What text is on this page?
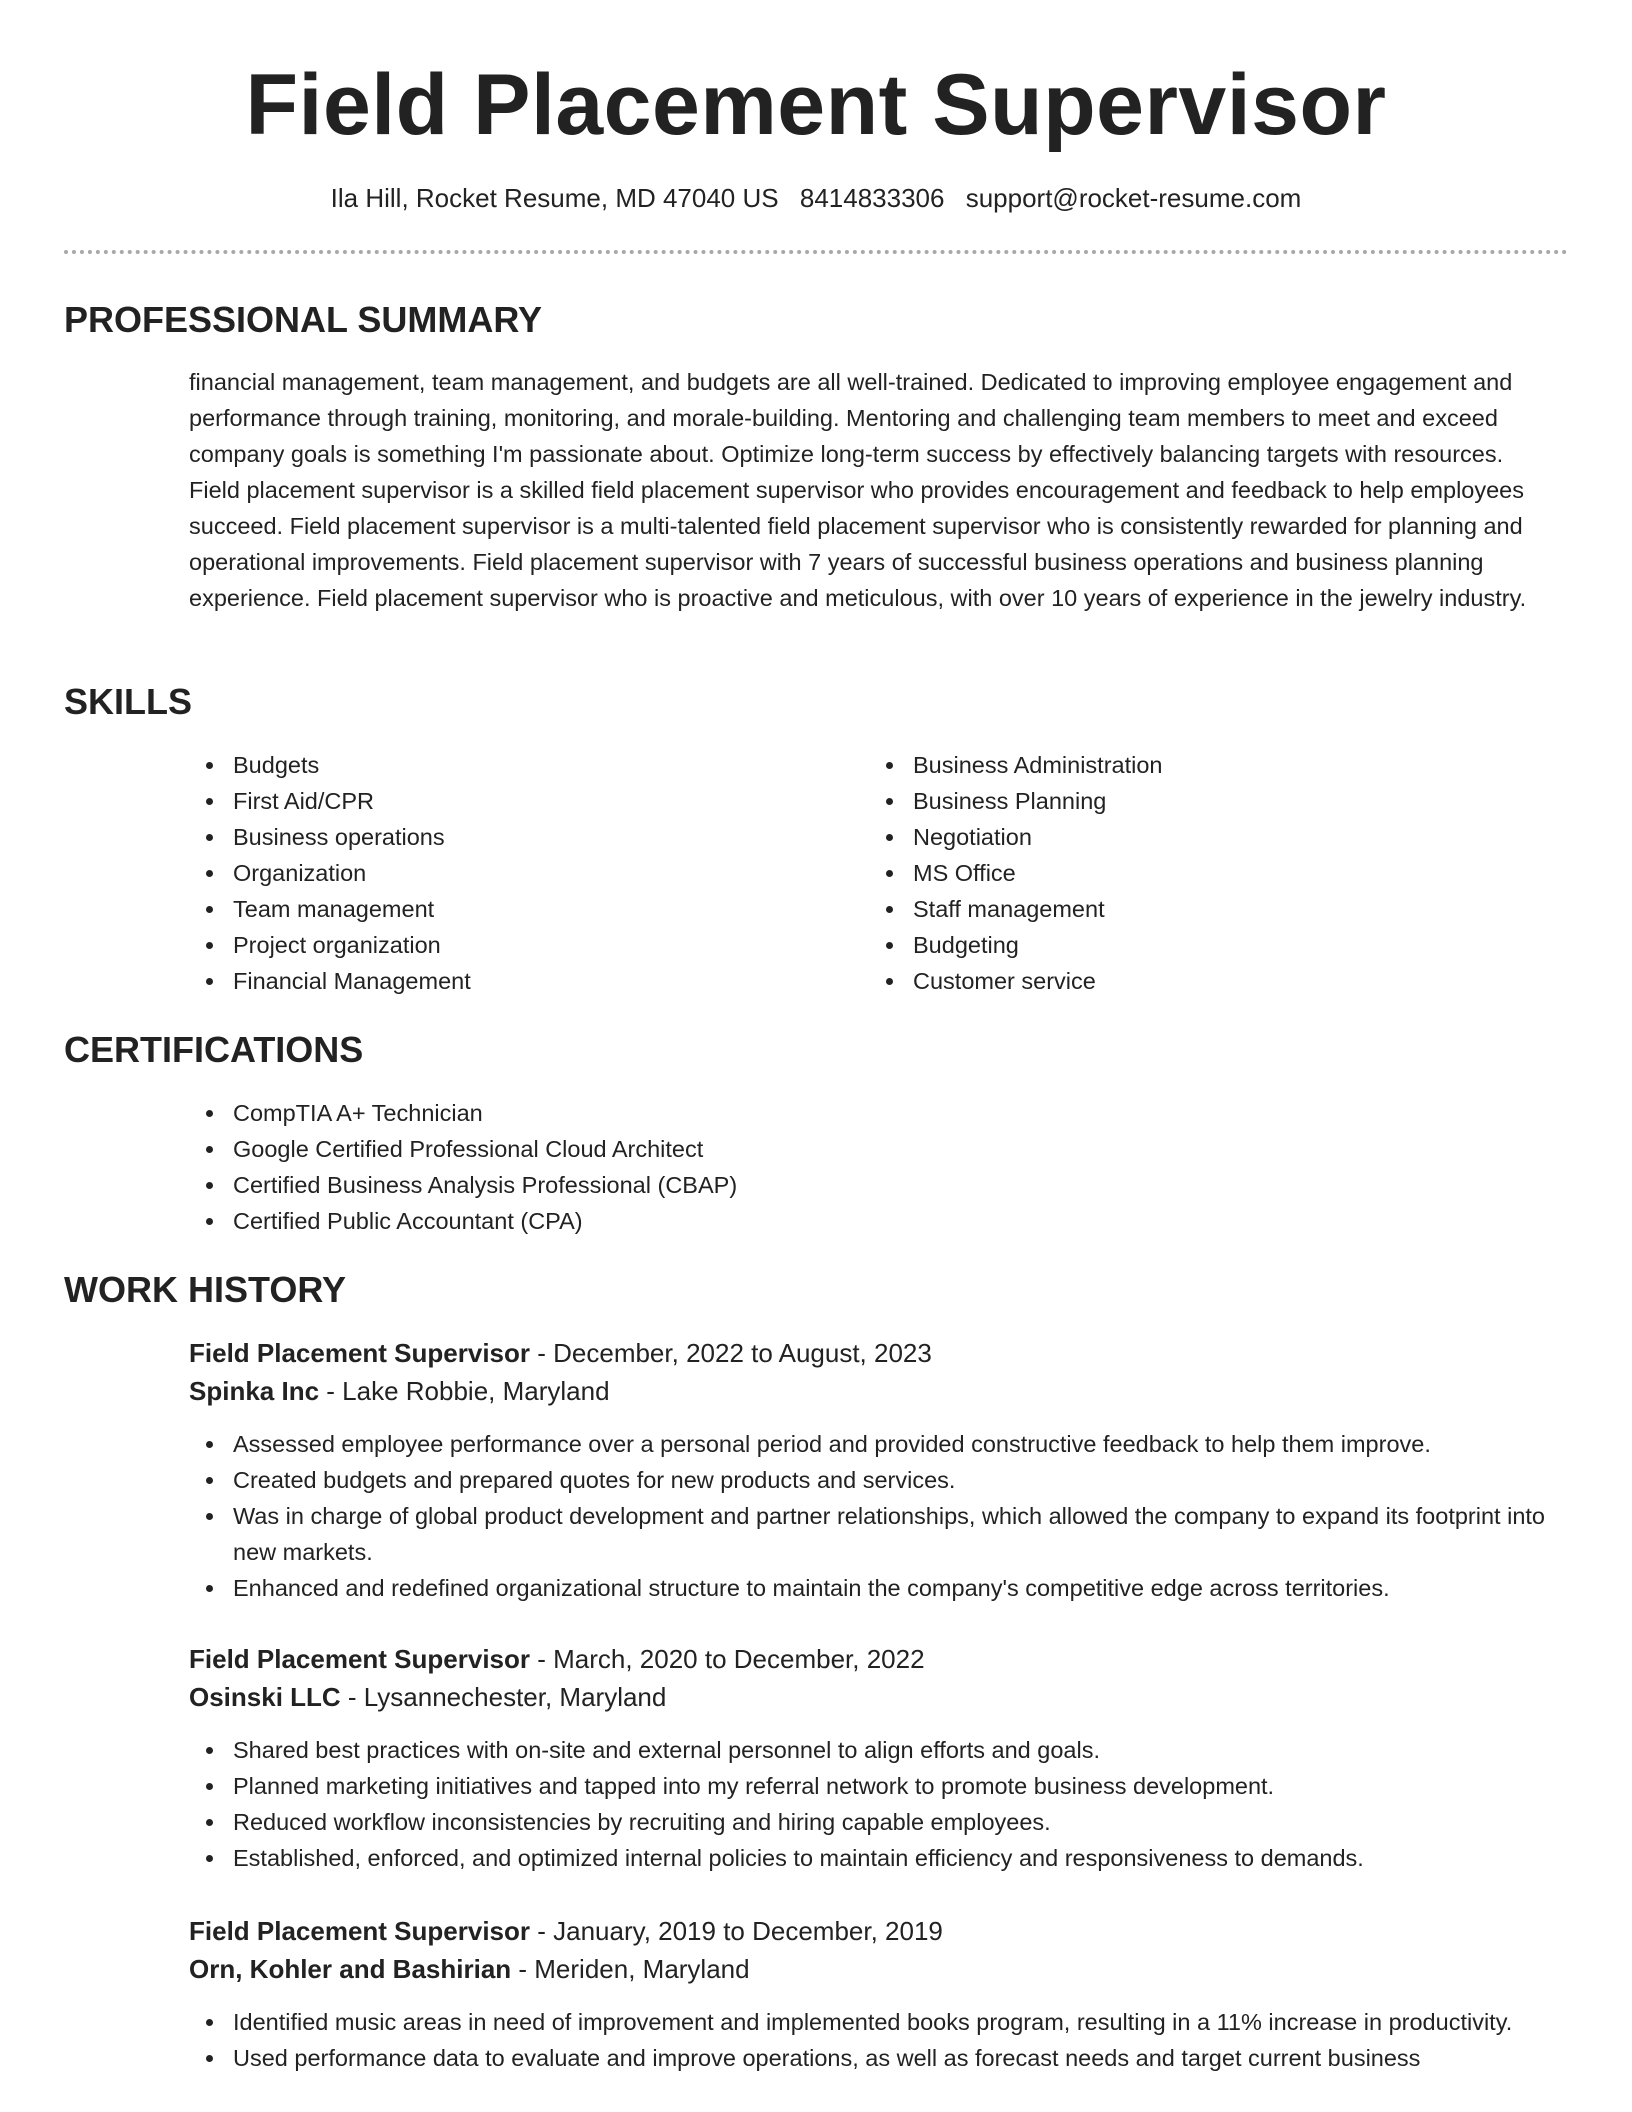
Field Placement Supervisor
Ila Hill, Rocket Resume, MD 47040 US 8414833306 support@rocket-resume.com
PROFESSIONAL SUMMARY

financial management, team management, and budgets are all well-trained. Dedicated to improving employee engagement and performance through training, monitoring, and morale-building. Mentoring and challenging team members to meet and exceed company goals is something I'm passionate about. Optimize long-term success by effectively balancing targets with resources. Field placement supervisor is a skilled field placement supervisor who provides encouragement and feedback to help employees succeed. Field placement supervisor is a multi-talented field placement supervisor who is consistently rewarded for planning and operational improvements. Field placement supervisor with 7 years of successful business operations and business planning experience. Field placement supervisor who is proactive and meticulous, with over 10 years of experience in the jewelry industry.

SKILLS
Budgets
First Aid/CPR
Business operations
Organization
Team management
Project organization
Financial Management
Business Administration
Business Planning
Negotiation
MS Office
Staff management
Budgeting
Customer service
CERTIFICATIONS
CompTIA A+ Technician
Google Certified Professional Cloud Architect
Certified Business Analysis Professional (CBAP)
Certified Public Accountant (CPA)
WORK HISTORY
Field Placement Supervisor - December, 2022 to August, 2023
Spinka Inc - Lake Robbie, Maryland
Assessed employee performance over a personal period and provided constructive feedback to help them improve.
Created budgets and prepared quotes for new products and services.
Was in charge of global product development and partner relationships, which allowed the company to expand its footprint into new markets.
Enhanced and redefined organizational structure to maintain the company's competitive edge across territories.
Field Placement Supervisor - March, 2020 to December, 2022
Osinski LLC - Lysannechester, Maryland
Shared best practices with on-site and external personnel to align efforts and goals.
Planned marketing initiatives and tapped into my referral network to promote business development.
Reduced workflow inconsistencies by recruiting and hiring capable employees.
Established, enforced, and optimized internal policies to maintain efficiency and responsiveness to demands.
Field Placement Supervisor - January, 2019 to December, 2019
Orn, Kohler and Bashirian - Meriden, Maryland
Identified music areas in need of improvement and implemented books program, resulting in a 11% increase in productivity.
Used performance data to evaluate and improve operations, as well as forecast needs and target current business
